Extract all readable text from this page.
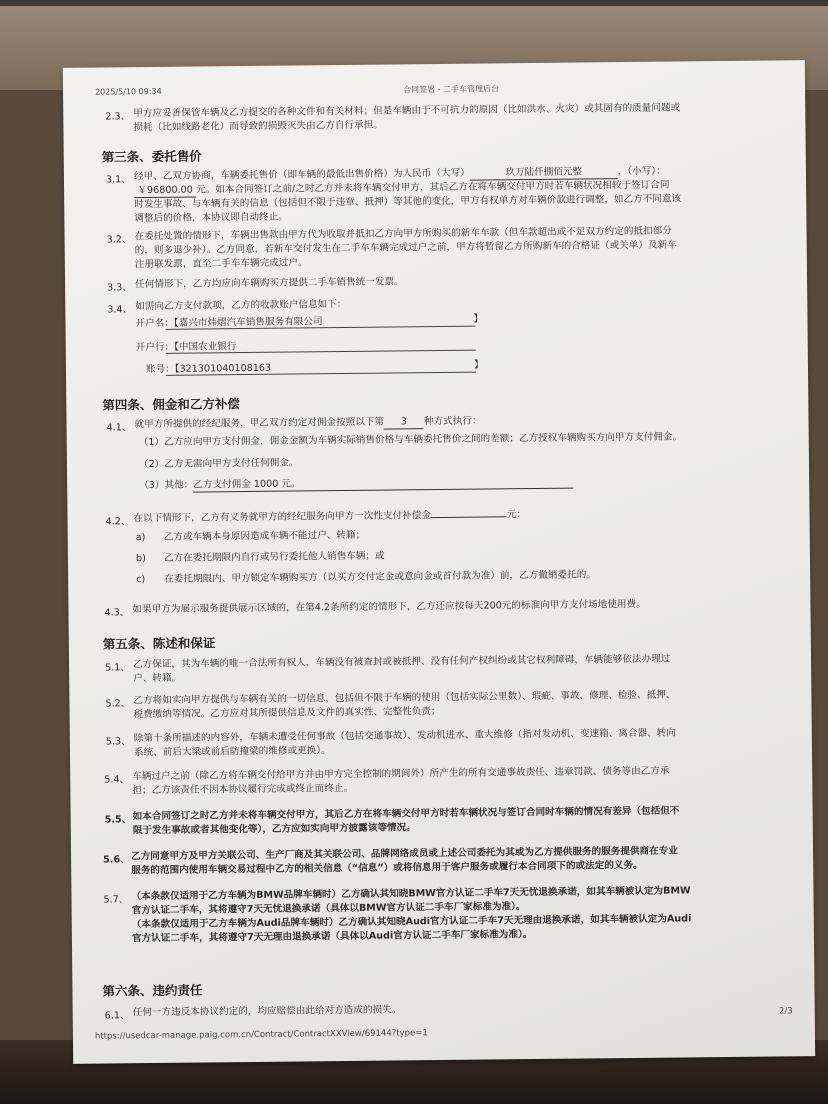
2025/5/10 09:34	合同签署 - 二手车管理后台
2.3、 甲方应妥善保管车辆及乙方提交的各种文件和有关材料；但是车辆由于不可抗力的原因（比如洪水、火灾）或其固有的质量问题或
损耗（比如线路老化）而导致的损毁灭失由乙方自行承担。
第三条、委托售价
3.1、 经甲、乙双方协商，车辆委托售价（即车辆的最低出售价格）为人民币（大写）	玖万陆仟捌佰元整	，（小写）：
￥96800.00 元。如本合同签订之前/之时乙方并未将车辆交付甲方，其后乙方在将车辆交付甲方时若车辆状况相较于签订合同
时发生事故、与车辆有关的信息（包括但不限于违章、抵押）等其他的变化，甲方有权单方对车辆价款进行调整，如乙方不同意该
调整后的价格，本协议即自动终止。
3.2、 在委托处置的情形下，车辆出售款由甲方代为收取并抵扣乙方向甲方所购买的新车车款（但车款超出或不足双方约定的抵扣部分
的，则多退少补）。乙方同意，若新车交付发生在二手车车辆完成过户之前，甲方将暂留乙方所购新车的合格证（或关单）及新车
注册联发票，直至二手车车辆完成过户。
3.3、 任何情形下，乙方均应向车辆购买方提供二手车销售统一发票。
3.4、 如需向乙方支付款项，乙方的收款账户信息如下：
开户名：【嘉兴市炜熠汽车销售服务有限公司	】
开户行：【中国农业银行
账号：【32130104010816​3	】
第四条、佣金和乙方补偿
4.1、 就甲方所提供的经纪服务，甲乙双方约定对佣金按照以下第 3 种方式执行：
（1）乙方应向甲方支付佣金，佣金金额为车辆实际销售价格与车辆委托售价之间的差额；乙方授权车辆购买方向甲方支付佣金。
（2）乙方无需向甲方支付任何佣金。
（3）其他：乙方支付佣金 1000 元。
4.2、 在以下情形下，乙方有义务就甲方的经纪服务向甲方一次性支付补偿金	元：
a) 乙方或车辆本身原因造成车辆不能过户、转籍；
b) 乙方在委托期限内自行或另行委托他人销售车辆；或
c) 在委托期限内、甲方锁定车辆购买方（以买方交付定金或意向金或首付款为准）前，乙方撤销委托的。
4.3、 如果甲方为展示服务提供展示区域的，在第4.2条所约定的情形下，乙方还应按每天200元的标准向甲方支付场地使用费。
第五条、陈述和保证
5.1、 乙方保证，其为车辆的唯一合法所有权人，车辆没有被查封或被抵押、没有任何产权纠纷或其它权利障碍，车辆能够依法办理过
户、转籍。
5.2、 乙方将如实向甲方提供与车辆有关的一切信息，包括但不限于车辆的使用（包括实际公里数）、瑕疵、事故、修理、检验、抵押、
税费缴纳等情况。乙方应对其所提供信息及文件的真实性、完整性负责；
5.3、 除第十条所描述的内容外，车辆未遭受任何事故（包括交通事故）、发动机进水、重大维修（指对发动机、变速箱、离合器、转向
系统、前后大梁或前后防撞梁的维修或更换）。
5.4、 车辆过户之前（除乙方将车辆交付给甲方并由甲方完全控制的期间外）所产生的所有交通事故责任、违章罚款、债务等由乙方承
担；乙方该责任不因本协议履行完成或终止而终止。
5.5、 如本合同签订之时乙方并未将车辆交付甲方，其后乙方在将车辆交付甲方时若车辆状况与签订合同时车辆的情况有差异（包括但不
限于发生事故或者其他变化等），乙方应如实向甲方披露该等情况。
5.6、 乙方同意甲方及甲方关联公司、生产厂商及其关联公司、品牌网络成员或上述公司委托为其或为乙方提供服务的服务提供商在专业
服务的范围内使用车辆交易过程中乙方的相关信息（“信息”）或将信息用于客户服务或履行本合同项下的或法定的义务。
5.7、 （本条款仅适用于乙方车辆为BMW品牌车辆时）乙方确认其知晓BMW官方认证二手车7天无忧退换承诺，如其车辆被认定为BMW
官方认证二手车，其将遵守7天无忧退换承诺（具体以BMW官方认证二手车厂家标准为准）。
（本条款仅适用于乙方车辆为Audi品牌车辆时）乙方确认其知晓Audi官方认证二手车7天无理由退换承诺，如其车辆被认定为Audi
官方认证二手车，其将遵守7天无理由退换承诺（具体以Audi官方认证二手车厂家标准为准）。
第六条、违约责任
6.1、 任何一方违反本协议约定的，均应赔偿由此给对方造成的损失。	2/3
https://usedcar-manage.paig.com.cn/Contract/ContractXXView/69144?type=1
